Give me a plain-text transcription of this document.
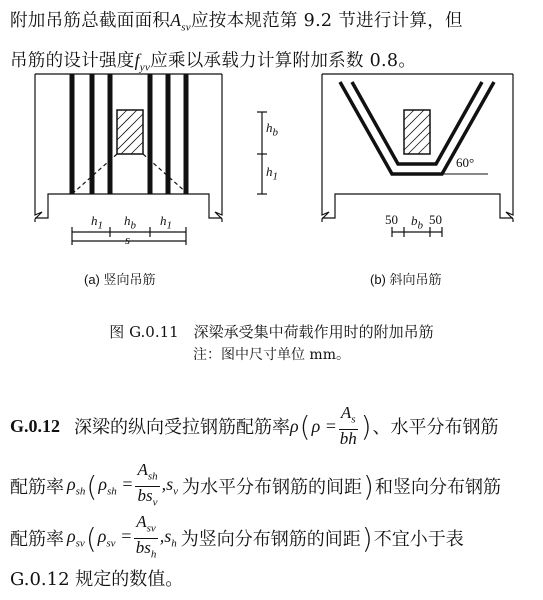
附加吊筋总截面面积$A_{sv}$应按本规范第 9.2 节进行计算，但
吊筋的设计强度$f_{yv}$应乘以承载力计算附加系数 0.8。
$h_1$ $h_b$ $h_1$
s
$h_b$
$h_1$
(a) 竖向吊筋
60°
50 $b_b$ 50
(b) 斜向吊筋
图 G.0.11　深梁承受集中荷载作用时的附加吊筋
注：图中尺寸单位 mm。
G.0.12 深梁的纵向受拉钢筋配筋率 ρ ( $\rho = \frac{A_s}{bh}$ ) 、水平分布钢筋
配筋率 $\rho_{sh}$ ( $\rho_{sh} = \frac{A_{sh}}{bs_v} ,s_v$ 为水平分布钢筋的间距 ) 和竖向分布钢筋
配筋率 $\rho_{sv}$ ( $\rho_{sv} = \frac{A_{sv}}{bs_h} ,s_h$ 为竖向分布钢筋的间距 ) 不宜小于表
G.0.12 规定的数值。
